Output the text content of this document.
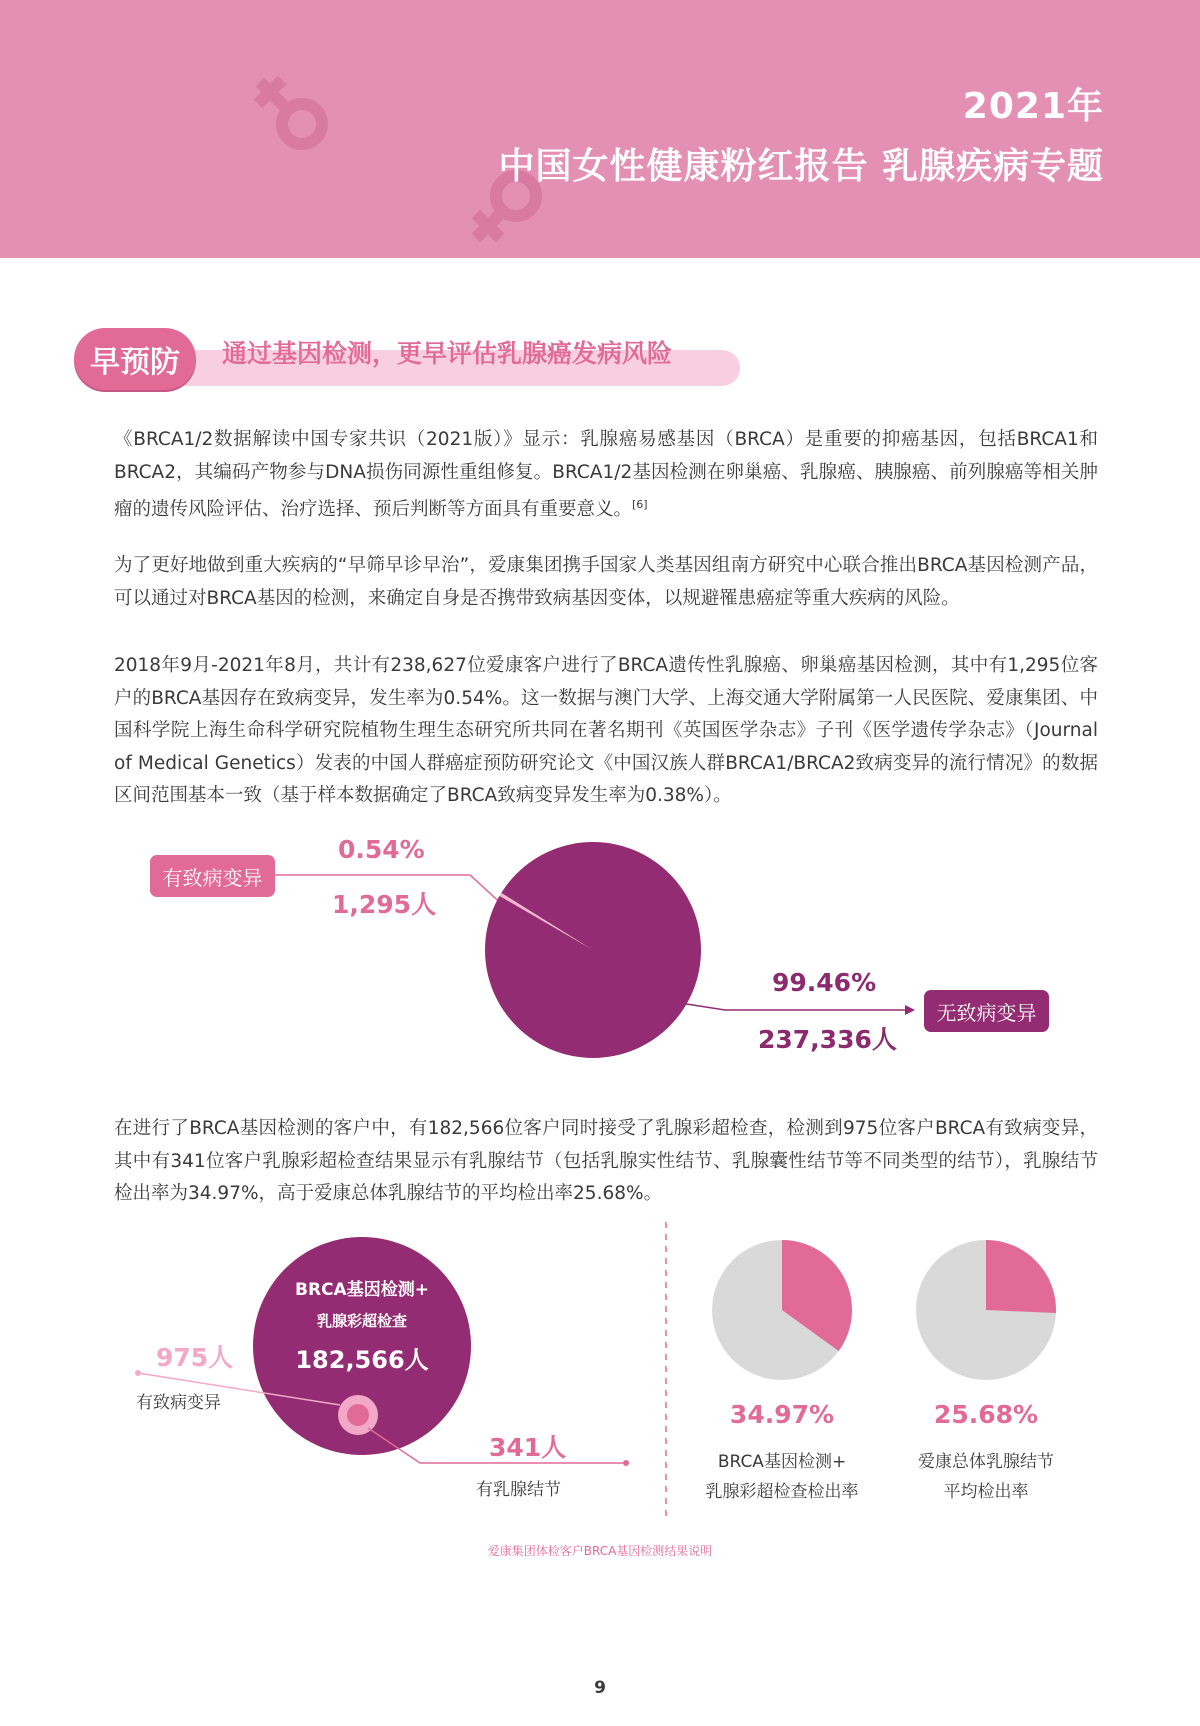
2021年
中国女性健康粉红报告 乳腺疾病专题
早预防	通过基因检测，更早评估乳腺癌发病风险
《BRCA1/2数据解读中国专家共识（2021版）》显示：乳腺癌易感基因（BRCA）是重要的抑癌基因，包括BRCA1和BRCA2，其编码产物参与DNA损伤同源性重组修复。BRCA1/2基因检测在卵巢癌、乳腺癌、胰腺癌、前列腺癌等相关肿瘤的遗传风险评估、治疗选择、预后判断等方面具有重要意义。[6]
为了更好地做到重大疾病的“早筛早诊早治”，爱康集团携手国家人类基因组南方研究中心联合推出BRCA基因检测产品，可以通过对BRCA基因的检测，来确定自身是否携带致病基因变体，以规避罹患癌症等重大疾病的风险。
2018年9月-2021年8月，共计有238,627位爱康客户进行了BRCA遗传性乳腺癌、卵巢癌基因检测，其中有1,295位客户的BRCA基因存在致病变异，发生率为0.54%。这一数据与澳门大学、上海交通大学附属第一人民医院、爱康集团、中国科学院上海生命科学研究院植物生理生态研究所共同在著名期刊《英国医学杂志》子刊《医学遗传学杂志》（Journal of Medical Genetics）发表的中国人群癌症预防研究论文《中国汉族人群BRCA1/BRCA2致病变异的流行情况》的数据区间范围基本一致（基于样本数据确定了BRCA致病变异发生率为0.38%）。
有致病变异
0.54%
1,295人
99.46%
237,336人
无致病变异
在进行了BRCA基因检测的客户中，有182,566位客户同时接受了乳腺彩超检查，检测到975位客户BRCA有致病变异，其中有341位客户乳腺彩超检查结果显示有乳腺结节（包括乳腺实性结节、乳腺囊性结节等不同类型的结节），乳腺结节检出率为34.97%，高于爱康总体乳腺结节的平均检出率25.68%。
BRCA基因检测+
乳腺彩超检查
182,566人
975人
有致病变异
341人
有乳腺结节
34.97%
BRCA基因检测+
乳腺彩超检查检出率
25.68%
爱康总体乳腺结节
平均检出率
爱康集团体检客户BRCA基因检测结果说明
9
